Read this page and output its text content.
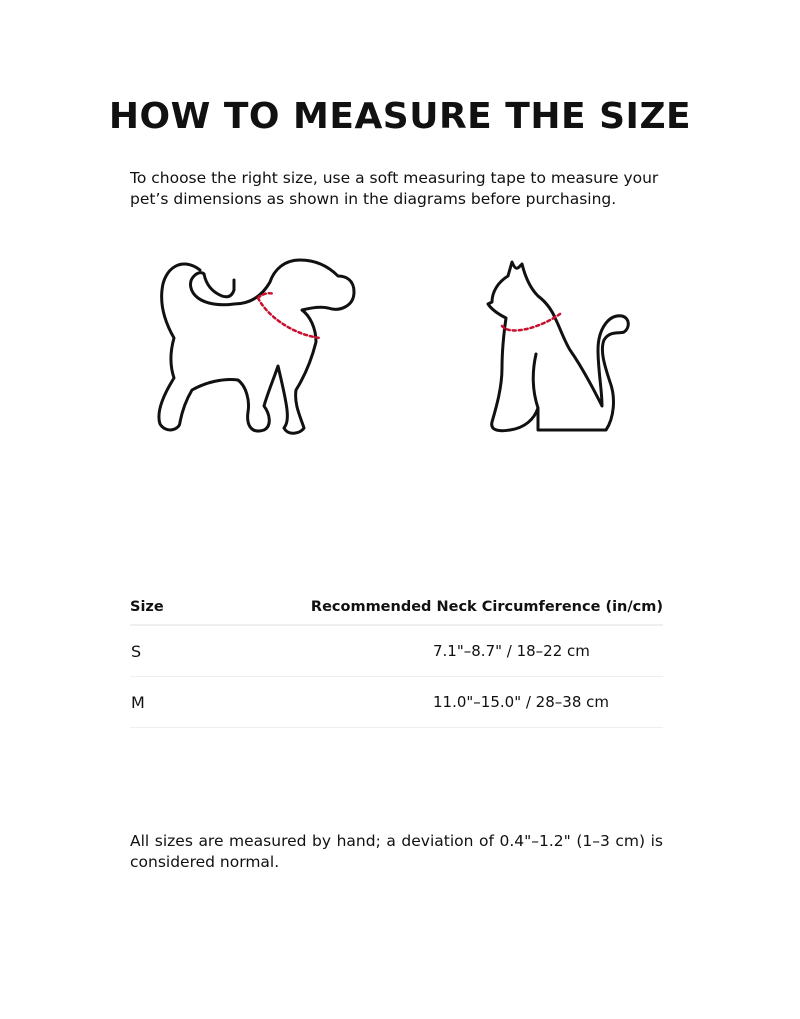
HOW TO MEASURE THE SIZE

To choose the right size, use a soft measuring tape to measure your pet’s dimensions as shown in the diagrams before purchasing.

Size	Recommended Neck Circumference (in/cm)
S	7.1"–8.7" / 18–22 cm
M	11.0"–15.0" / 28–38 cm

All sizes are measured by hand; a deviation of 0.4"–1.2" (1–3 cm) is considered normal.
